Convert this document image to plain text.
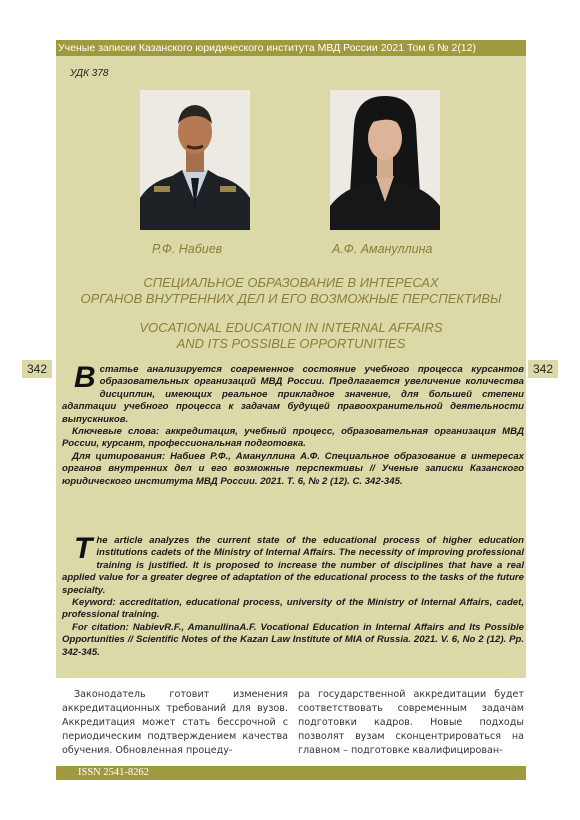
Ученые записки Казанского юридического института МВД России 2021 Том 6 № 2(12)
УДК 378
Р.Ф. Набиев	А.Ф. Амануллина
СПЕЦИАЛЬНОЕ ОБРАЗОВАНИЕ В ИНТЕРЕСАХ
ОРГАНОВ ВНУТРЕННИХ ДЕЛ И ЕГО ВОЗМОЖНЫЕ ПЕРСПЕКТИВЫ
VOCATIONAL EDUCATION IN INTERNAL AFFAIRS
AND ITS POSSIBLE OPPORTUNITIES
342	342

В статье анализируется современное состояние учебного процесса курсантов образовательных организаций МВД России. Предлагается увеличение количества дисциплин, имеющих реальное прикладное значение, для большей степени адаптации учебного процесса к задачам будущей правоохранительной деятельности выпускников.

Ключевые слова: аккредитация, учебный процесс, образовательная организация МВД России, курсант, профессиональная подготовка.

Для цитирования: Набиев Р.Ф., Амануллина А.Ф. Специальное образование в интересах органов внутренних дел и его возможные перспективы // Ученые записки Казанского юридического института МВД России. 2021. Т. 6, № 2 (12). С. 342-345.

T he article analyzes the current state of the educational process of higher education institutions cadets of the Ministry of Internal Affairs. The necessity of improving professional training is justified. It is proposed to increase the number of disciplines that have a real applied value for a greater degree of adaptation of the educational process to the tasks of the future specialty.

Keyword: accreditation, educational process, university of the Ministry of Internal Affairs, cadet, professional training.

For citation: NabievR.F., AmanullinaA.F. Vocational Education in Internal Affairs and Its Possible Opportunities // Scientific Notes of the Kazan Law Institute of MIA of Russia. 2021. V. 6, No 2 (12). Pp. 342-345.

Законодатель готовит изменения аккредитационных требований для вузов. Аккредитация может стать бессрочной с периодическим подтверждением качества обучения. Обновленная процеду-
ра государственной аккредитации будет соответствовать современным задачам подготовки кадров. Новые подходы позволят вузам сконцентрироваться на главном – подготовке квалифицирован-
ISSN 2541-8262
